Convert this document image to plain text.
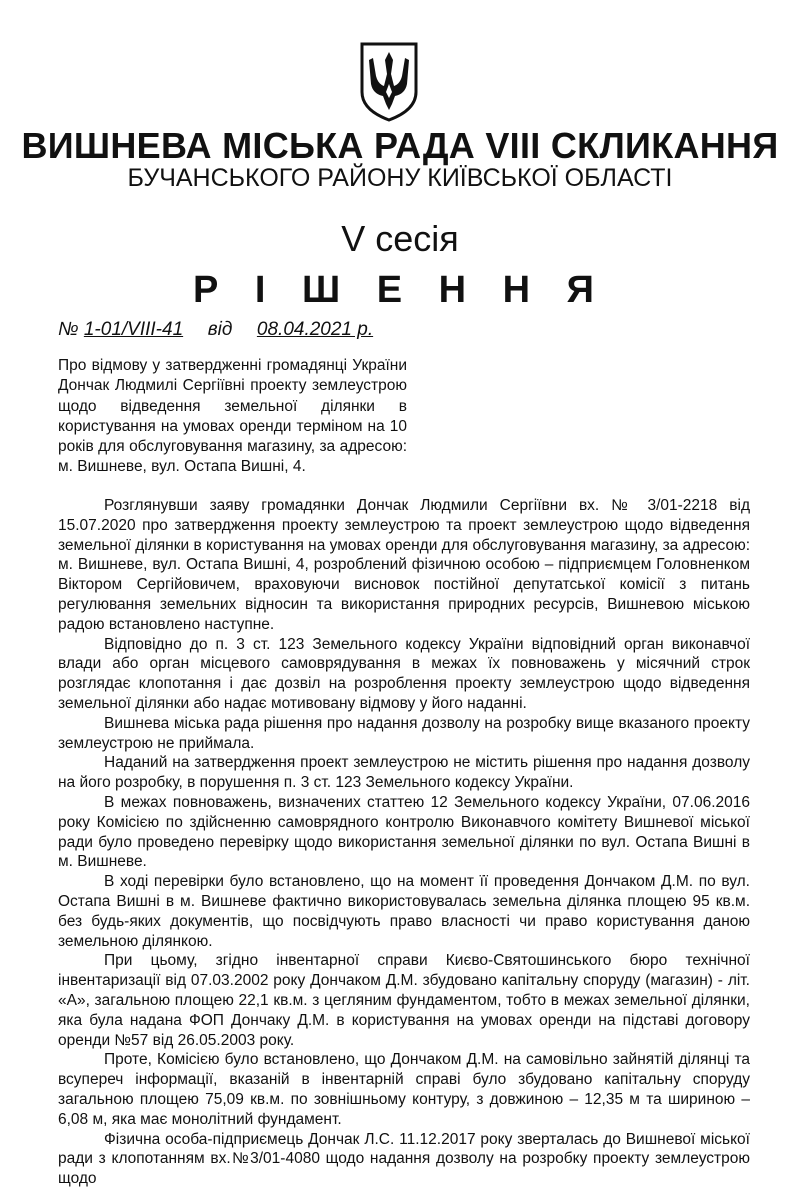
ВИШНЕВА МІСЬКА РАДА VIII СКЛИКАННЯ
БУЧАНСЬКОГО РАЙОНУ КИЇВСЬКОЇ ОБЛАСТІ
V сесія
Р І Ш Е Н Н Я
№ 1-01/VIII-41 від 08.04.2021 р.

Про відмову у затвердженні громадянці України Дончак Людмилі Сергіївні проекту землеустрою щодо відведення земельної ділянки в користування на умовах оренди терміном на 10 років для обслуговування магазину, за адресою: м. Вишневе, вул. Остапа Вишні, 4.

Розглянувши заяву громадянки Дончак Людмили Сергіївни вх. № 3/01-2218 від 15.07.2020 про затвердження проекту землеустрою та проект землеустрою щодо відведення земельної ділянки в користування на умовах оренди для обслуговування магазину, за адресою: м. Вишневе, вул. Остапа Вишні, 4, розроблений фізичною особою – підприємцем Головненком Віктором Сергійовичем, враховуючи висновок постійної депутатської комісії з питань регулювання земельних відносин та використання природних ресурсів, Вишневою міською радою встановлено наступне.

Відповідно до п. 3 ст. 123 Земельного кодексу України відповідний орган виконавчої влади або орган місцевого самоврядування в межах їх повноважень у місячний строк розглядає клопотання і дає дозвіл на розроблення проекту землеустрою щодо відведення земельної ділянки або надає мотивовану відмову у його наданні.

Вишнева міська рада рішення про надання дозволу на розробку вище вказаного проекту землеустрою не приймала.

Наданий на затвердження проект землеустрою не містить рішення про надання дозволу на його розробку, в порушення п. 3 ст. 123 Земельного кодексу України.

В межах повноважень, визначених статтею 12 Земельного кодексу України, 07.06.2016 року Комісією по здійсненню самоврядного контролю Виконавчого комітету Вишневої міської ради було проведено перевірку щодо використання земельної ділянки по вул. Остапа Вишні в м. Вишневе.

В ході перевірки було встановлено, що на момент її проведення Дончаком Д.М. по вул. Остапа Вишні в м. Вишневе фактично використовувалась земельна ділянка площею 95 кв.м. без будь-яких документів, що посвідчують право власності чи право користування даною земельною ділянкою.

При цьому, згідно інвентарної справи Києво-Святошинського бюро технічної інвентаризації від 07.03.2002 року Дончаком Д.М. збудовано капітальну споруду (магазин) - літ. «А», загальною площею 22,1 кв.м. з цегляним фундаментом, тобто в межах земельної ділянки, яка була надана ФОП Дончаку Д.М. в користування на умовах оренди на підставі договору оренди №57 від 26.05.2003 року.

Проте, Комісією було встановлено, що Дончаком Д.М. на самовільно зайнятій ділянці та всупереч інформації, вказаній в інвентарній справі було збудовано капітальну споруду загальною площею 75,09 кв.м. по зовнішньому контуру, з довжиною – 12,35 м та шириною – 6,08 м, яка має монолітний фундамент.

Фізична особа-підприємець Дончак Л.С. 11.12.2017 року зверталась до Вишневої міської ради з клопотанням вх.№3/01-4080 щодо надання дозволу на розробку проекту землеустрою щодо
